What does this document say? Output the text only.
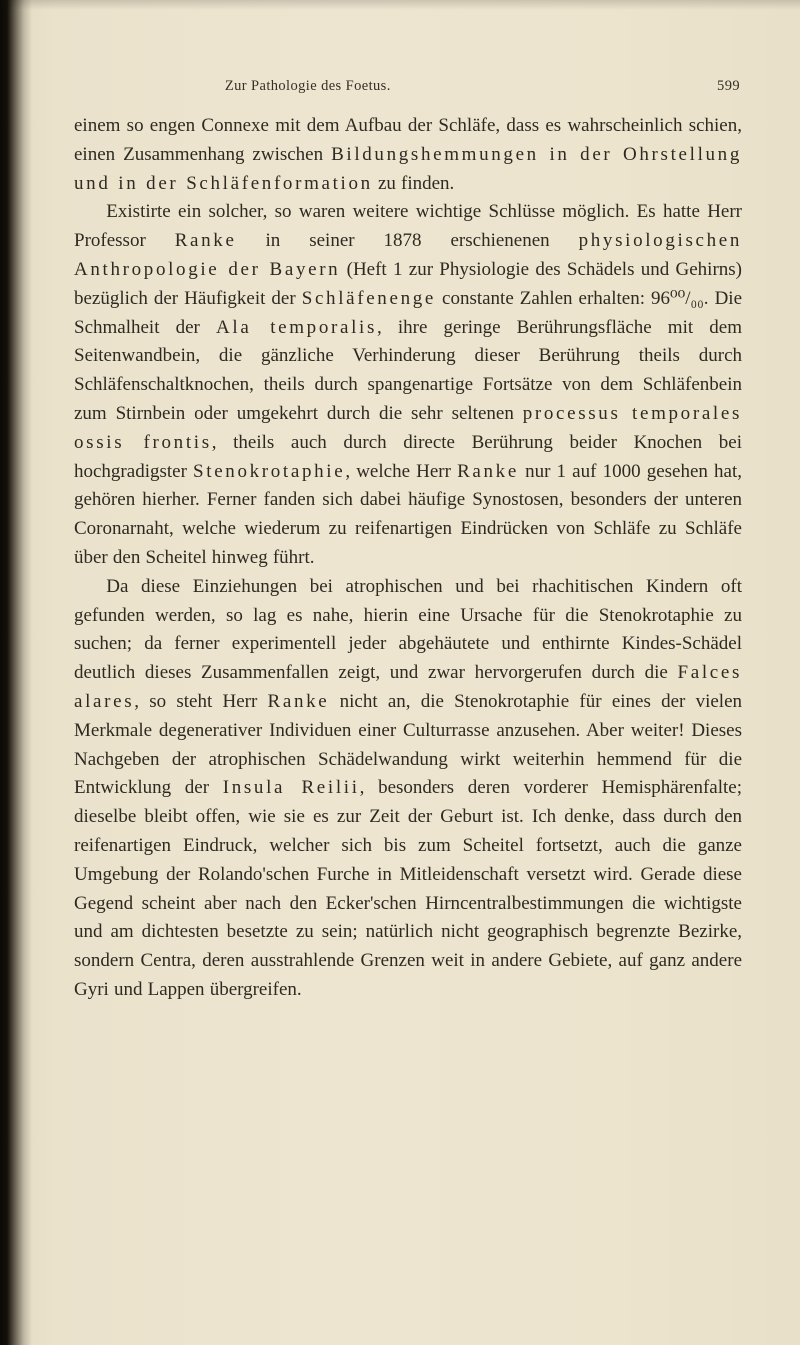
Zur Pathologie des Foetus.	599

einem so engen Connexe mit dem Aufbau der Schläfe, dass es wahrscheinlich schien, einen Zusammenhang zwischen Bildungshemmungen in der Ohrstellung und in der Schläfenformation zu finden.

Existirte ein solcher, so waren weitere wichtige Schlüsse möglich. Es hatte Herr Professor Ranke in seiner 1878 erschienenen physiologischen Anthropologie der Bayern (Heft 1 zur Physiologie des Schädels und Gehirns) bezüglich der Häufigkeit der Schläfenenge constante Zahlen erhalten: 96⁰⁰/₀₀. Die Schmalheit der Ala temporalis, ihre geringe Berührungsfläche mit dem Seitenwandbein, die gänzliche Verhinderung dieser Berührung theils durch Schläfenschaltknochen, theils durch spangenartige Fortsätze von dem Schläfenbein zum Stirnbein oder umgekehrt durch die sehr seltenen processus temporales ossis frontis, theils auch durch directe Berührung beider Knochen bei hochgradigster Stenokrotaphie, welche Herr Ranke nur 1 auf 1000 gesehen hat, gehören hierher. Ferner fanden sich dabei häufige Synostosen, besonders der unteren Coronarnaht, welche wiederum zu reifenartigen Eindrücken von Schläfe zu Schläfe über den Scheitel hinweg führt.

Da diese Einziehungen bei atrophischen und bei rhachitischen Kindern oft gefunden werden, so lag es nahe, hierin eine Ursache für die Stenokrotaphie zu suchen; da ferner experimentell jeder abgehäutete und enthirnte Kindes-Schädel deutlich dieses Zusammenfallen zeigt, und zwar hervorgerufen durch die Falces alares, so steht Herr Ranke nicht an, die Stenokrotaphie für eines der vielen Merkmale degenerativer Individuen einer Culturrasse anzusehen. Aber weiter! Dieses Nachgeben der atrophischen Schädelwandung wirkt weiterhin hemmend für die Entwicklung der Insula Reilii, besonders deren vorderer Hemisphärenfalte; dieselbe bleibt offen, wie sie es zur Zeit der Geburt ist. Ich denke, dass durch den reifenartigen Eindruck, welcher sich bis zum Scheitel fortsetzt, auch die ganze Umgebung der Rolando'schen Furche in Mitleidenschaft versetzt wird. Gerade diese Gegend scheint aber nach den Ecker'schen Hirncentralbestimmungen die wichtigste und am dichtesten besetzte zu sein; natürlich nicht geographisch begrenzte Bezirke, sondern Centra, deren ausstrahlende Grenzen weit in andere Gebiete, auf ganz andere Gyri und Lappen übergreifen.
